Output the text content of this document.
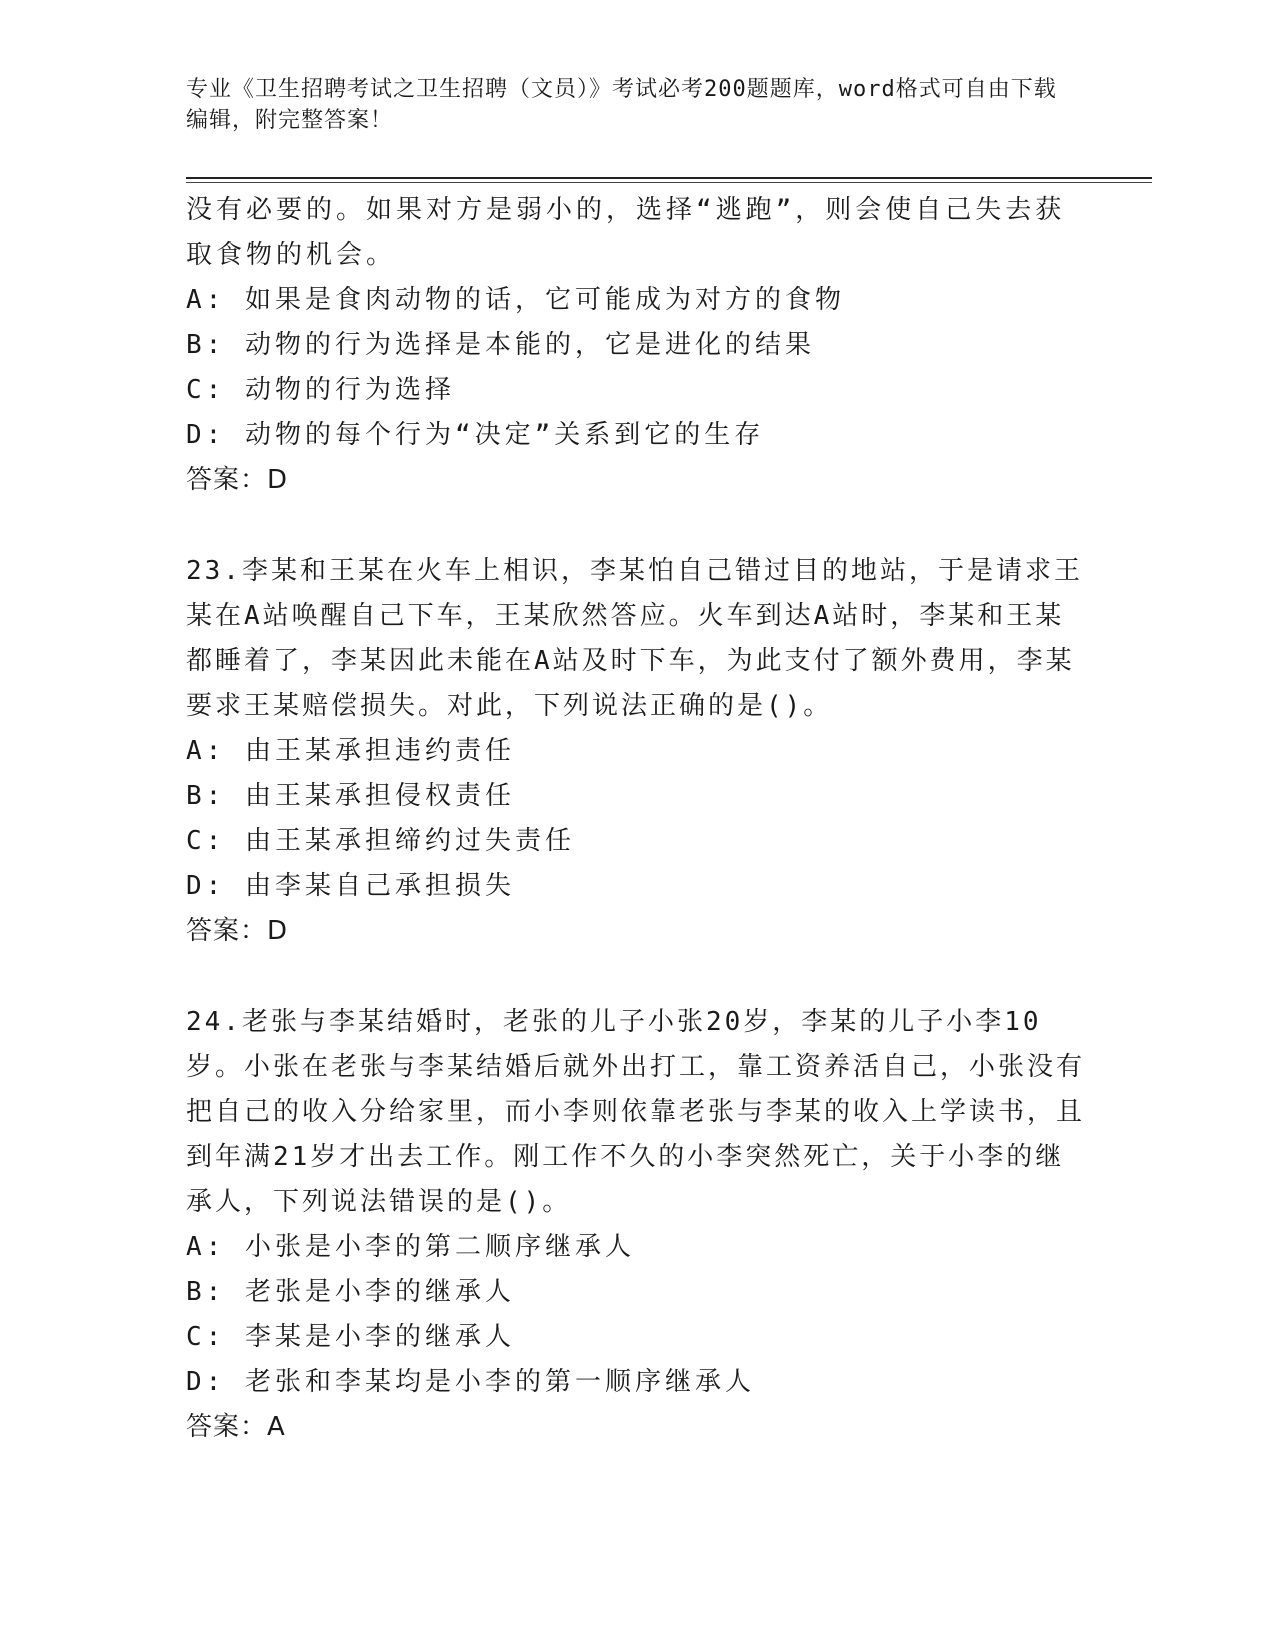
专业《卫生招聘考试之卫生招聘（文员）》考试必考200题题库，word格式可自由下载编辑，附完整答案！

没有必要的。如果对方是弱小的，选择“逃跑”，则会使自己失去获取食物的机会。

A: 如果是食肉动物的话，它可能成为对方的食物

B: 动物的行为选择是本能的，它是进化的结果

C: 动物的行为选择

D: 动物的每个行为“决定”关系到它的生存

答案：D

23.李某和王某在火车上相识，李某怕自己错过目的地站，于是请求王某在A站唤醒自己下车，王某欣然答应。火车到达A站时，李某和王某都睡着了，李某因此未能在A站及时下车，为此支付了额外费用，李某要求王某赔偿损失。对此，下列说法正确的是()。

A: 由王某承担违约责任

B: 由王某承担侵权责任

C: 由王某承担缔约过失责任

D: 由李某自己承担损失

答案：D

24.老张与李某结婚时，老张的儿子小张20岁，李某的儿子小李10岁。小张在老张与李某结婚后就外出打工，靠工资养活自己，小张没有把自己的收入分给家里，而小李则依靠老张与李某的收入上学读书，且到年满21岁才出去工作。刚工作不久的小李突然死亡，关于小李的继承人，下列说法错误的是()。

A: 小张是小李的第二顺序继承人

B: 老张是小李的继承人

C: 李某是小李的继承人

D: 老张和李某均是小李的第一顺序继承人

答案：A
